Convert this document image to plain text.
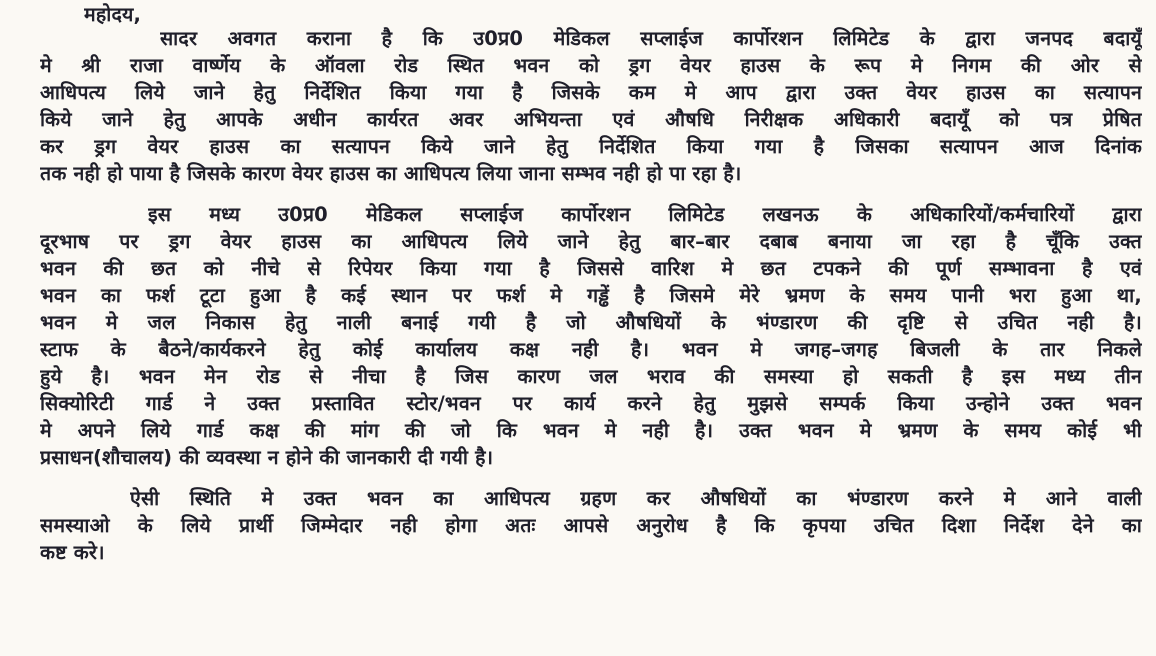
महोदय,
सादर अवगत कराना है कि उ0प्र0 मेडिकल सप्लाईज कार्पोरशन लिमिटेड के द्वारा जनपद बदायूँ
मे श्री राजा वार्ष्णेय के ऑवला रोड स्थित भवन को ड्रग वेयर हाउस के रूप मे निगम की ओर से
आधिपत्य लिये जाने हेतु निर्देशित किया गया है जिसके कम मे आप द्वारा उक्त वेयर हाउस का सत्यापन
किये जाने हेतु आपके अधीन कार्यरत अवर अभियन्ता एवं औषधि निरीक्षक अधिकारी बदायूँ को पत्र प्रेषित
कर ड्रग वेयर हाउस का सत्यापन किये जाने हेतु निर्देशित किया गया है जिसका सत्यापन आज दिनांक
तक नही हो पाया है जिसके कारण वेयर हाउस का आधिपत्य लिया जाना सम्भव नही हो पा रहा है।
इस मध्य उ0प्र0 मेडिकल सप्लाईज कार्पोरशन लिमिटेड लखनऊ के अधिकारियों/कर्मचारियों द्वारा
दूरभाष पर ड्रग वेयर हाउस का आधिपत्य लिये जाने हेतु बार–बार दबाब बनाया जा रहा है चूँकि उक्त
भवन की छत को नीचे से रिपेयर किया गया है जिससे वारिश मे छत टपकने की पूर्ण सम्भावना है एवं
भवन का फर्श टूटा हुआ है कई स्थान पर फर्श मे गड्ढें है जिसमे मेरे भ्रमण के समय पानी भरा हुआ था,
भवन मे जल निकास हेतु नाली बनाई गयी है जो औषधियों के भंण्डारण की दृष्टि से उचित नही है।
स्टाफ के बैठने/कार्यकरने हेतु कोई कार्यालय कक्ष नही है। भवन मे जगह–जगह बिजली के तार निकले
हुये है। भवन मेन रोड से नीचा है जिस कारण जल भराव की समस्या हो सकती है इस मध्य तीन
सिक्योरिटी गार्ड ने उक्त प्रस्तावित स्टोर/भवन पर कार्य करने हेतु मुझसे सम्पर्क किया उन्होने उक्त भवन
मे अपने लिये गार्ड कक्ष की मांग की जो कि भवन मे नही है। उक्त भवन मे भ्रमण के समय कोई भी
प्रसाधन(शौचालय) की व्यवस्था न होने की जानकारी दी गयी है।
ऐसी स्थिति मे उक्त भवन का आधिपत्य ग्रहण कर औषधियों का भंण्डारण करने मे आने वाली
समस्याओ के लिये प्रार्थी जिम्मेदार नही होगा अतः आपसे अनुरोध है कि कृपया उचित दिशा निर्देश देने का
कष्ट करे।
